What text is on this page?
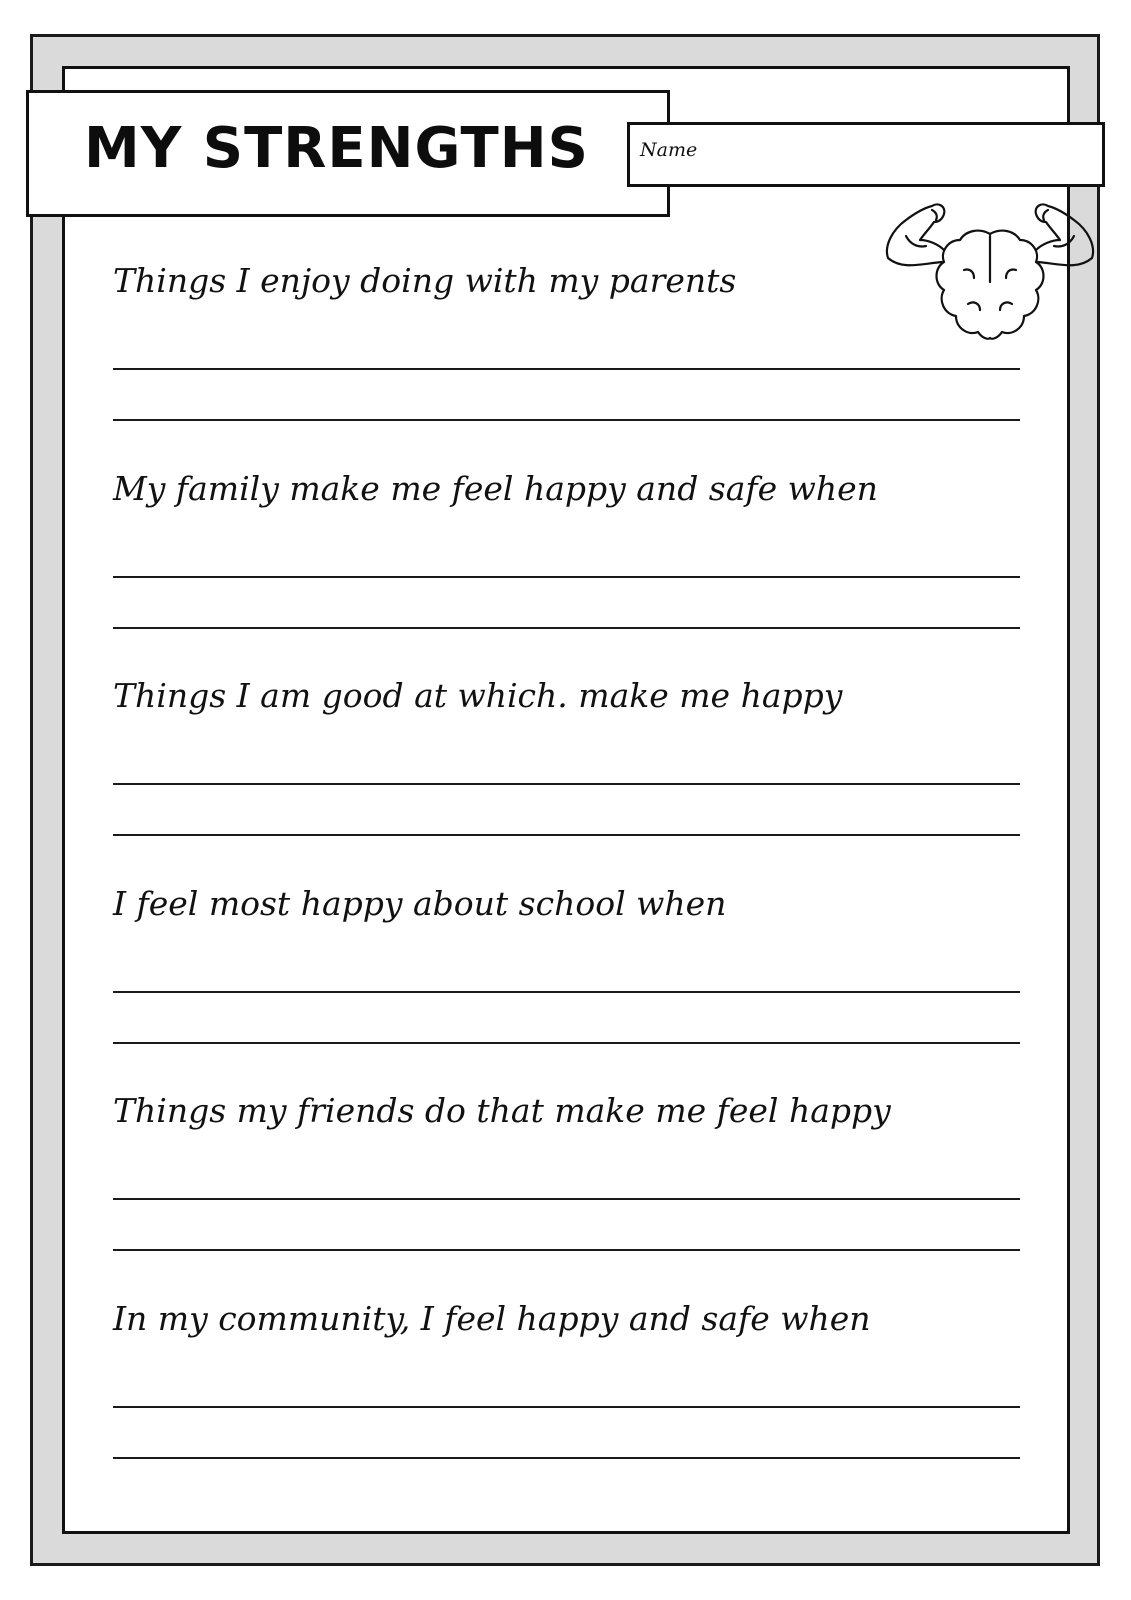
MY STRENGTHS	Name

Things I enjoy doing with my parents

My family make me feel happy and safe when

Things I am good at which. make me happy

I feel most happy about school when

Things my friends do that make me feel happy

In my community, I feel happy and safe when
